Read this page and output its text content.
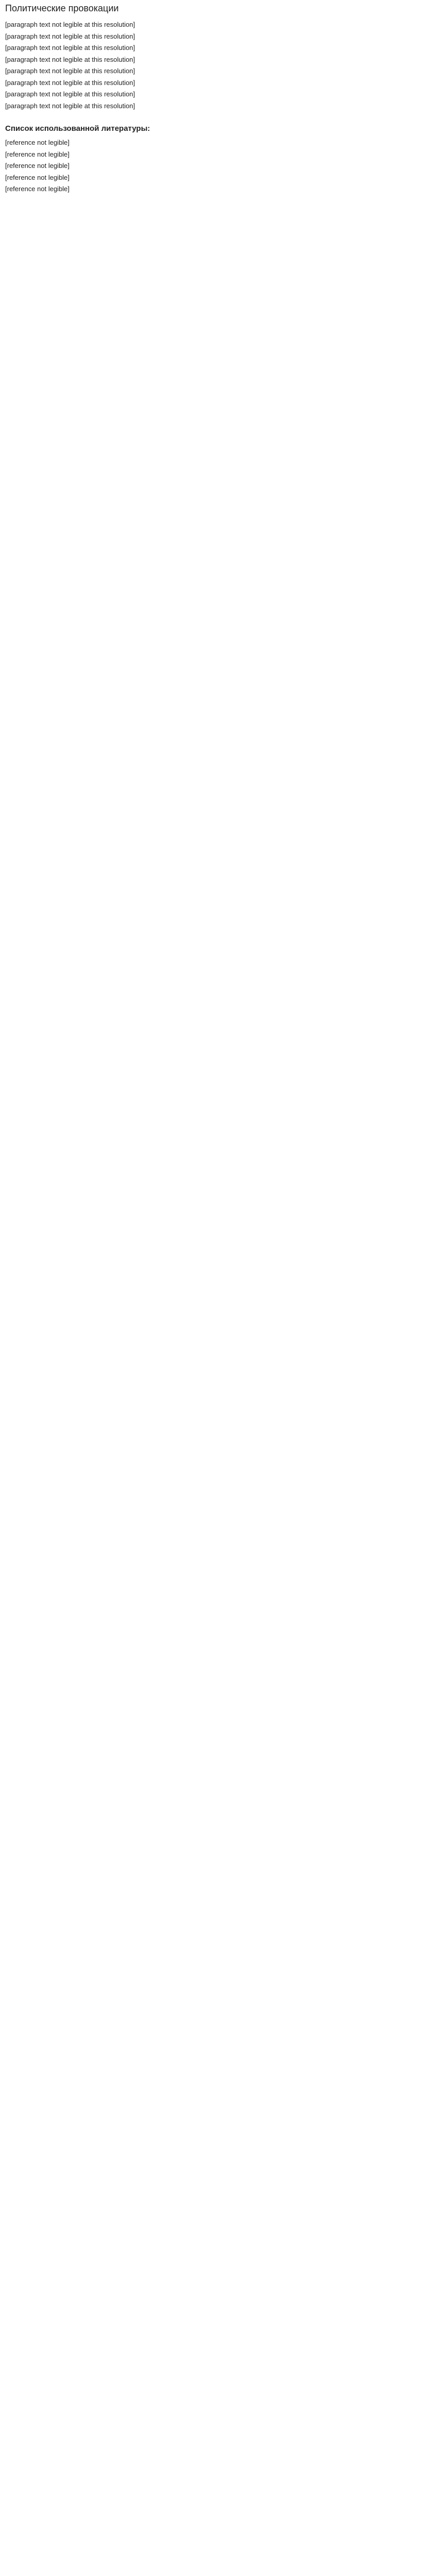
Политические провокации

[paragraph text not legible at this resolution]

[paragraph text not legible at this resolution]

[paragraph text not legible at this resolution]

[paragraph text not legible at this resolution]

[paragraph text not legible at this resolution]

[paragraph text not legible at this resolution]

[paragraph text not legible at this resolution]

[paragraph text not legible at this resolution]

Список использованной литературы:

[reference not legible]

[reference not legible]

[reference not legible]

[reference not legible]

[reference not legible]
